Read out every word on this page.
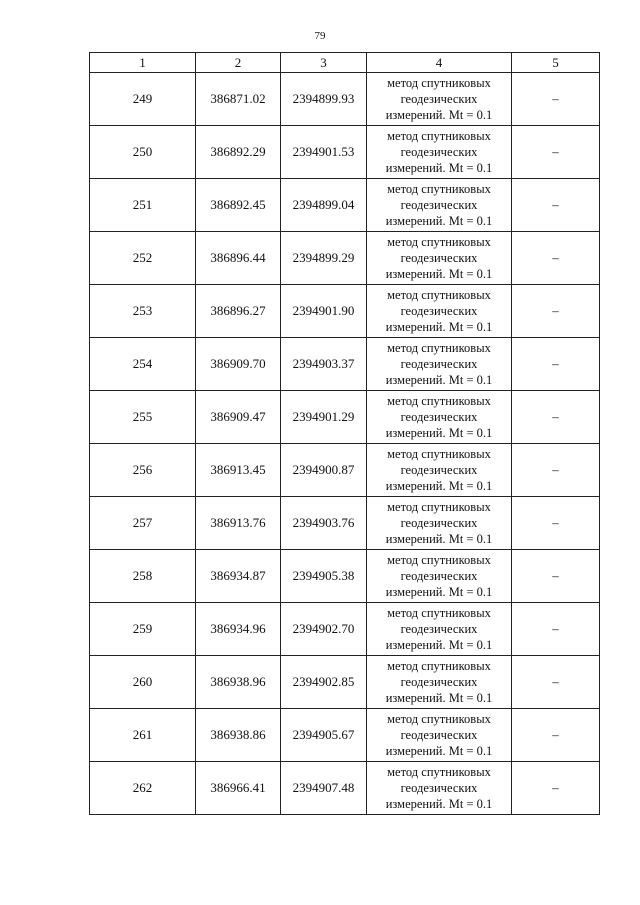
79
1	2	3	4	5
249	386871.02	2394899.93	метод спутниковых
геодезических
измерений. Mt = 0.1	–
250	386892.29	2394901.53	метод спутниковых
геодезических
измерений. Mt = 0.1	–
251	386892.45	2394899.04	метод спутниковых
геодезических
измерений. Mt = 0.1	–
252	386896.44	2394899.29	метод спутниковых
геодезических
измерений. Mt = 0.1	–
253	386896.27	2394901.90	метод спутниковых
геодезических
измерений. Mt = 0.1	–
254	386909.70	2394903.37	метод спутниковых
геодезических
измерений. Mt = 0.1	–
255	386909.47	2394901.29	метод спутниковых
геодезических
измерений. Mt = 0.1	–
256	386913.45	2394900.87	метод спутниковых
геодезических
измерений. Mt = 0.1	–
257	386913.76	2394903.76	метод спутниковых
геодезических
измерений. Mt = 0.1	–
258	386934.87	2394905.38	метод спутниковых
геодезических
измерений. Mt = 0.1	–
259	386934.96	2394902.70	метод спутниковых
геодезических
измерений. Mt = 0.1	–
260	386938.96	2394902.85	метод спутниковых
геодезических
измерений. Mt = 0.1	–
261	386938.86	2394905.67	метод спутниковых
геодезических
измерений. Mt = 0.1	–
262	386966.41	2394907.48	метод спутниковых
геодезических
измерений. Mt = 0.1	–
